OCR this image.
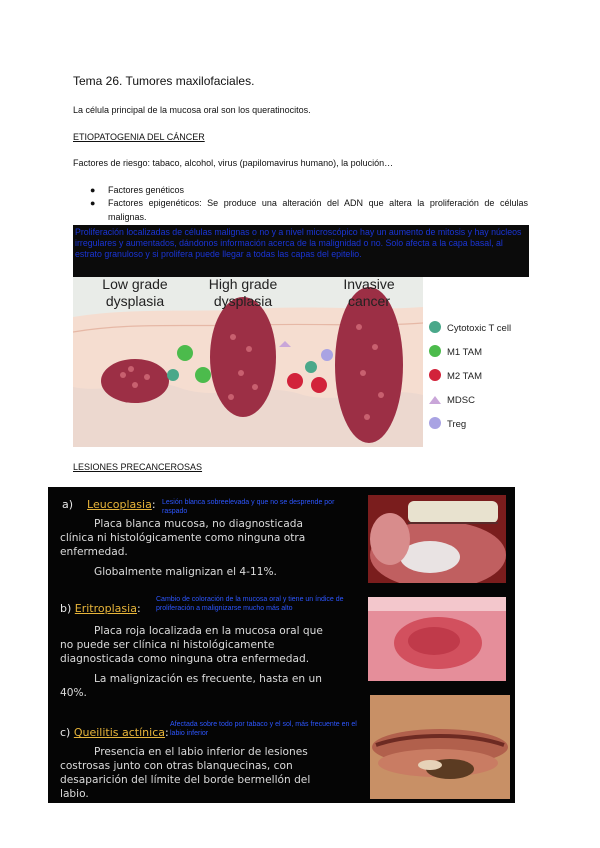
Tema 26. Tumores maxilofaciales.
La célula principal de la mucosa oral son los queratinocitos.
ETIOPATOGENIA DEL CÁNCER
Factores de riesgo: tabaco, alcohol, virus (papilomavirus humano), la polución…
● Factores genéticos
● Factores epigenéticos: Se produce una alteración del ADN que altera la proliferación de células malignas.
Proliferación localizadas de células malignas o no y a nivel microscópico hay un aumento de mitosis y hay núcleos irregulares y aumentados, dándonos información acerca de la malignidad o no. Solo afecta a la capa basal, al estrato granuloso y si prolifera puede llegar a todas las capas del epitelio.
Low grade
dysplasia
High grade
dysplasia
Invasive
cancer
Cytotoxic T cell
M1 TAM
M2 TAM
MDSC
Treg
LESIONES PRECANCEROSAS
a) Leucoplasia: Lesión blanca sobreelevada y que no se desprende por raspado
Placa blanca mucosa, no diagnosticada
clínica ni histológicamente como ninguna otra
enfermedad.
Globalmente malignizan el 4-11%.
b) Eritroplasia:
Cambio de coloración de la mucosa oral y tiene un índice de proliferación a malignizarse mucho más alto
Placa roja localizada en la mucosa oral que
no puede ser clínica ni histológicamente
diagnosticada como ninguna otra enfermedad.
La malignización es frecuente, hasta en un
40%.
c) Queilitis actínica:
Afectada sobre todo por tabaco y el sol, más frecuente en el labio inferior
Presencia en el labio inferior de lesiones
costrosas junto con otras blanquecinas, con
desaparición del límite del borde bermellón del
labio.
